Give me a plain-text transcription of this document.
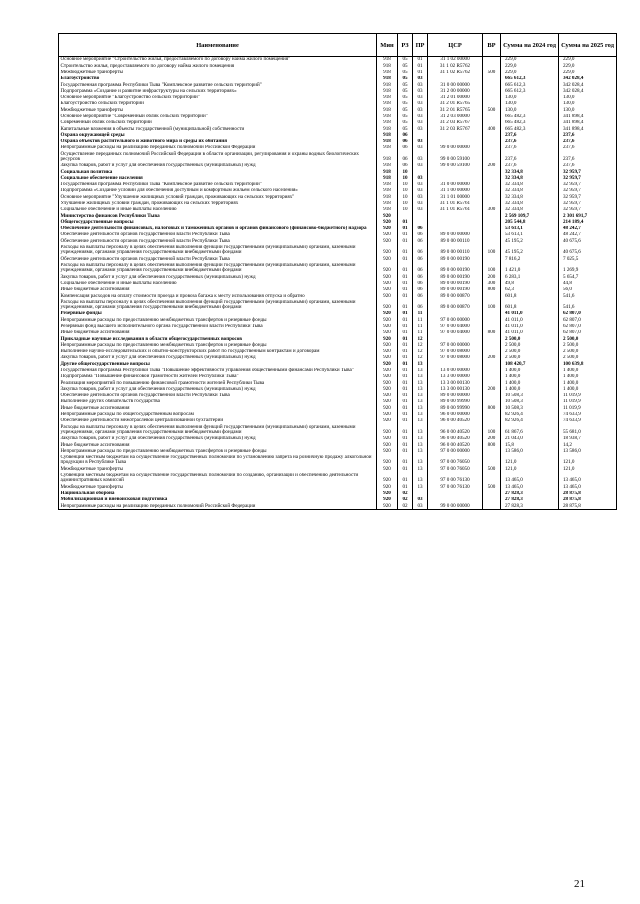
Наименование	Мин	РЗ	ПР	ЦСР	ВР	Сумма на 2024 год	Сумма на 2025 год
Основное мероприятие "Строительство жилья, предоставляемого по договору найма жилого помещения"	918	05	01	31 1 02 00000		229,0	229,0
Строительство жилья, предоставляемого по договору найма жилого помещения	918	05	01	31 1 02 R5762		229,0	229,0
Межбюджетные трансферты	918	05	01	31 1 02 R5762	500	229,0	229,0
Благоустройство	918	05	03			665 612,3	342 028,4
Государственная программа Республики Тыва "Комплексное развитие сельских территорий"	918	05	03	31 0 00 00000		665 612,3	342 028,4
Подпрограмма «Создание и развитие инфраструктуры на сельских территориях»	918	05	03	31 2 00 00000		665 612,3	342 028,4
Основное мероприятие "Благоустройство сельских территорий"	918	05	03	31 2 01 00000		130,0	130,0
Благоустройство сельских территорий	918	05	03	31 2 01 R5765		130,0	130,0
Межбюджетные трансферты	918	05	03	31 2 01 R5765	500	130,0	130,0
Основное мероприятие "Современный облик сельских территорий"	918	05	03	31 2 03 00000		665 482,3	341 898,4
Современный облик сельских территорий	918	05	03	31 2 03 R5767		665 482,3	341 898,4
Капитальные вложения в объекты государственной (муниципальной) собственности	918	05	03	31 2 03 R5767	400	665 482,3	341 898,4
Охрана окружающей среды	918	06				237,6	237,6
Охрана объектов растительного и животного мира и среды их обитания	918	06	03			237,6	237,6
Непрограммные расходы на реализацию переданных полномочий Российской Федерации	918	06	03	99 0 00 00000		237,6	237,6
Осуществление переданных полномочий Российской Федерации в области организации, регулирования и охраны водных биологических ресурсов	918	06	03	99 0 00 59100		237,6	237,6
Закупка товаров, работ и услуг для обеспечения государственных (муниципальных) нужд	918	06	03	99 0 00 59100	200	237,6	237,6
Социальная политика	918	10				32 334,8	32 959,7
Социальное обеспечение населения	918	10	03			32 334,8	32 959,7
Государственная программа Республики Тыва "Комплексное развитие сельских территорий"	918	10	03	31 0 00 00000		32 334,8	32 959,7
Подпрограмма «Создание условий для обеспечения доступным и комфортным жильем сельского населения»	918	10	03	31 1 00 00000		32 334,8	32 959,7
Основное мероприятие "Улучшение жилищных условий граждан, проживающих на сельских территориях"	918	10	03	31 1 01 00000		32 334,8	32 959,7
Улучшение жилищных условий граждан, проживающих на сельских территориях	918	10	03	31 1 01 R5761		32 334,8	32 959,7
Социальное обеспечение и иные выплаты населению	918	10	03	31 1 01 R5761	300	32 334,8	32 959,7
Министерство финансов Республики Тыва	920					2 569 109,7	2 301 691,7
Общегосударственные вопросы	920	01				205 544,8	214 189,4
Обеспечение деятельности финансовых, налоговых и таможенных органов и органов финансового (финансово-бюджетного) надзора	920	01	06			53 613,1	48 242,7
Обеспечение деятельности органов государственной власти Республики Тыва	920	01	06	89 0 00 00000		53 613,1	48 242,7
Обеспечение деятельности органов государственной власти Республики Тыва	920	01	06	89 0 00 00110		45 195,2	40 675,6
Расходы на выплаты персоналу в целях обеспечения выполнения функций государственными (муниципальными) органами, казенными учреждениями, органами управления государственными внебюджетными фондами	920	01	06	89 0 00 00110	100	45 195,2	40 675,6
Обеспечение деятельности органов государственной власти Республики Тыва	920	01	06	89 0 00 00190		7 816,2	7 025,5
Расходы на выплаты персоналу в целях обеспечения выполнения функций государственными (муниципальными) органами, казенными учреждениями, органами управления государственными внебюджетными фондами	920	01	06	89 0 00 00190	100	1 421,0	1 269,9
Закупка товаров, работ и услуг для обеспечения государственных (муниципальных) нужд	920	01	06	89 0 00 00190	200	6 283,1	5 654,7
Социальное обеспечение и иные выплаты населению	920	01	06	89 0 00 00190	300	49,8	44,8
Иные бюджетные ассигнования	920	01	06	89 0 00 00190	800	62,3	56,0
Компенсация расходов на оплату стоимости проезда и провоза багажа к месту использования отпуска и обратно	920	01	06	89 0 00 00870		601,8	541,6
Расходы на выплаты персоналу в целях обеспечения выполнения функций государственными (муниципальными) органами, казенными учреждениями, органами управления государственными внебюджетными фондами	920	01	06	89 0 00 00870	100	601,8	541,6
Резервные фонды	920	01	11			41 011,0	62 807,0
Непрограммные расходы по предоставлению межбюджетных трансфертов и резервные фонды	920	01	11	97 0 00 00000		41 011,0	62 807,0
Резервный фонд высшего исполнительного органа государственной власти Республики Тыва	920	01	11	97 0 00 04000		41 011,0	62 807,0
Иные бюджетные ассигнования	920	01	11	97 0 00 04000	800	41 011,0	62 807,0
Прикладные научные исследования в области общегосударственных вопросов	920	01	12			2 500,0	2 500,0
Непрограммные расходы по предоставлению межбюджетных трансфертов и резервные фонды	920	01	12	97 0 00 00000		2 500,0	2 500,0
Выполнение научно-исследовательских и опытно-конструкторских работ по государственным контрактам и договорам	920	01	12	97 0 00 08000		2 500,0	2 500,0
Закупка товаров, работ и услуг для обеспечения государственных (муниципальных) нужд	920	01	12	97 0 00 08000	200	2 500,0	2 500,0
Другие общегосударственные вопросы	920	01	13			108 420,7	100 639,8
Государственная программа Республики Тыва "Повышение эффективности управления общественными финансами Республики Тыва"	920	01	13	13 0 00 00000		1 400,0	1 400,0
Подпрограмма "Повышение финансовой грамотности жителей Республики Тыва"	920	01	13	13 3 00 00000		1 400,0	1 400,0
Реализация мероприятий по повышению финансовой грамотности жителей Республики Тыва	920	01	13	13 3 00 00130		1 400,0	1 400,0
Закупка товаров, работ и услуг для обеспечения государственных (муниципальных) нужд	920	01	13	13 3 00 00130	200	1 400,0	1 400,0
Обеспечение деятельности органов государственной власти Республики Тыва	920	01	13	89 0 00 00000		10 508,3	11 019,9
Выполнение других обязательств государства	920	01	13	89 0 00 99990		10 508,3	11 019,9
Иные бюджетные ассигнования	920	01	13	89 0 00 99990	800	10 508,3	11 019,9
Непрограммные расходы по общегосударственным вопросам	920	01	13	96 0 00 00000		82 926,4	74 633,9
Обеспечение деятельности межотраслевой централизованной бухгалтерии	920	01	13	96 0 00 40520		82 926,4	74 633,9
Расходы на выплаты персоналу в целях обеспечения выполнения функций государственными (муниципальными) органами, казенными учреждениями, органами управления государственными внебюджетными фондами	920	01	13	96 0 00 40520	100	61 867,6	55 681,0
Закупка товаров, работ и услуг для обеспечения государственных (муниципальных) нужд	920	01	13	96 0 00 40520	200	21 043,0	18 938,7
Иные бюджетные ассигнования	920	01	13	96 0 00 40520	800	15,8	14,2
Непрограммные расходы по предоставлению межбюджетных трансфертов и резервные фонды	920	01	13	97 0 00 00000		13 586,0	13 586,0
Субвенции местным бюджетам на осуществление государственных полномочий по установлению запрета на розничную продажу алкогольной продукции в Республике Тыва	920	01	13	97 0 00 76050		121,0	121,0
Межбюджетные трансферты	920	01	13	97 0 00 76050	500	121,0	121,0
Субвенции местным бюджетам на осуществление государственных полномочий по созданию, организации и обеспечению деятельности административных комиссий	920	01	13	97 0 00 76130		13 465,0	13 465,0
Межбюджетные трансферты	920	01	13	97 0 00 76130	500	13 465,0	13 465,0
Национальная оборона	920	02				27 828,3	28 875,8
Мобилизационная и вневойсковая подготовка	920	02	03			27 828,3	28 875,8
Непрограммные расходы на реализацию переданных полномочий Российской Федерации	920	02	03	99 0 00 00000		27 828,3	28 875,8
21
